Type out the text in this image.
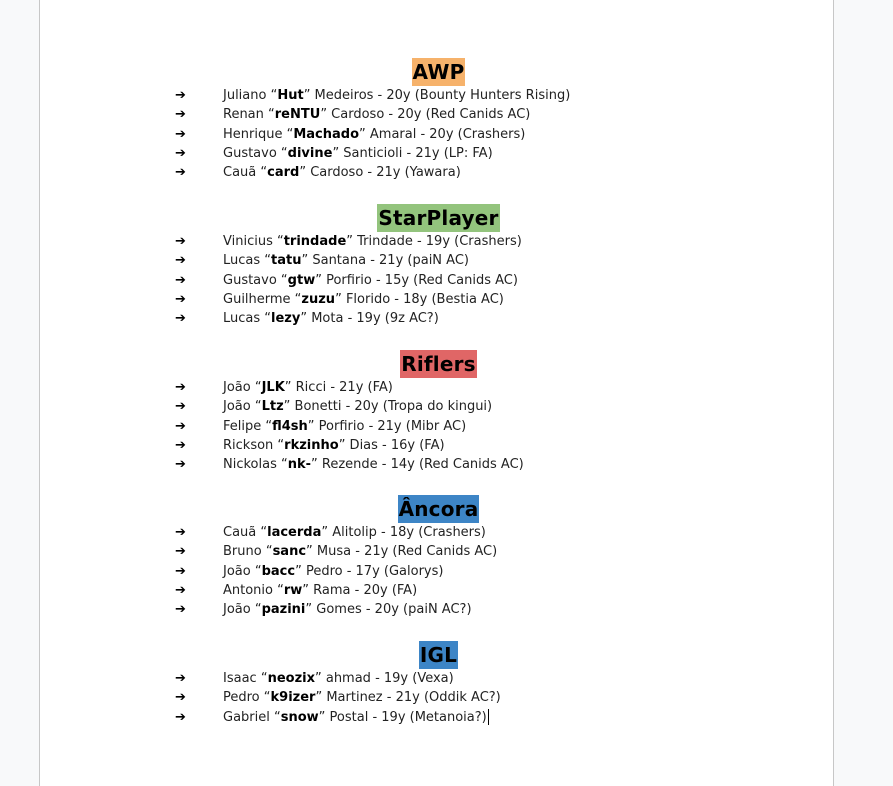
AWP
➔	Juliano “Hut” Medeiros - 20y (Bounty Hunters Rising)
➔	Renan “reNTU” Cardoso - 20y (Red Canids AC)
➔	Henrique “Machado” Amaral - 20y (Crashers)
➔	Gustavo “divine” Santicioli - 21y (LP: FA)
➔	Cauã “card” Cardoso - 21y (Yawara)
StarPlayer
➔	Vinicius “trindade” Trindade - 19y (Crashers)
➔	Lucas “tatu” Santana - 21y (paiN AC)
➔	Gustavo “gtw” Porfirio - 15y (Red Canids AC)
➔	Guilherme “zuzu” Florido - 18y (Bestia AC)
➔	Lucas “lezy” Mota - 19y (9z AC?)
Riflers
➔	João “JLK” Ricci - 21y (FA)
➔	João “Ltz” Bonetti - 20y (Tropa do kingui)
➔	Felipe “fl4sh” Porfirio - 21y (Mibr AC)
➔	Rickson “rkzinho” Dias - 16y (FA)
➔	Nickolas “nk-” Rezende - 14y (Red Canids AC)
Âncora
➔	Cauã “lacerda” Alitolip - 18y (Crashers)
➔	Bruno “sanc” Musa - 21y (Red Canids AC)
➔	João “bacc” Pedro - 17y (Galorys)
➔	Antonio “rw” Rama - 20y (FA)
➔	João “pazini” Gomes - 20y (paiN AC?)
IGL
➔	Isaac “neozix” ahmad - 19y (Vexa)
➔	Pedro “k9izer” Martinez - 21y (Oddik AC?)
➔	Gabriel “snow” Postal - 19y (Metanoia?)
